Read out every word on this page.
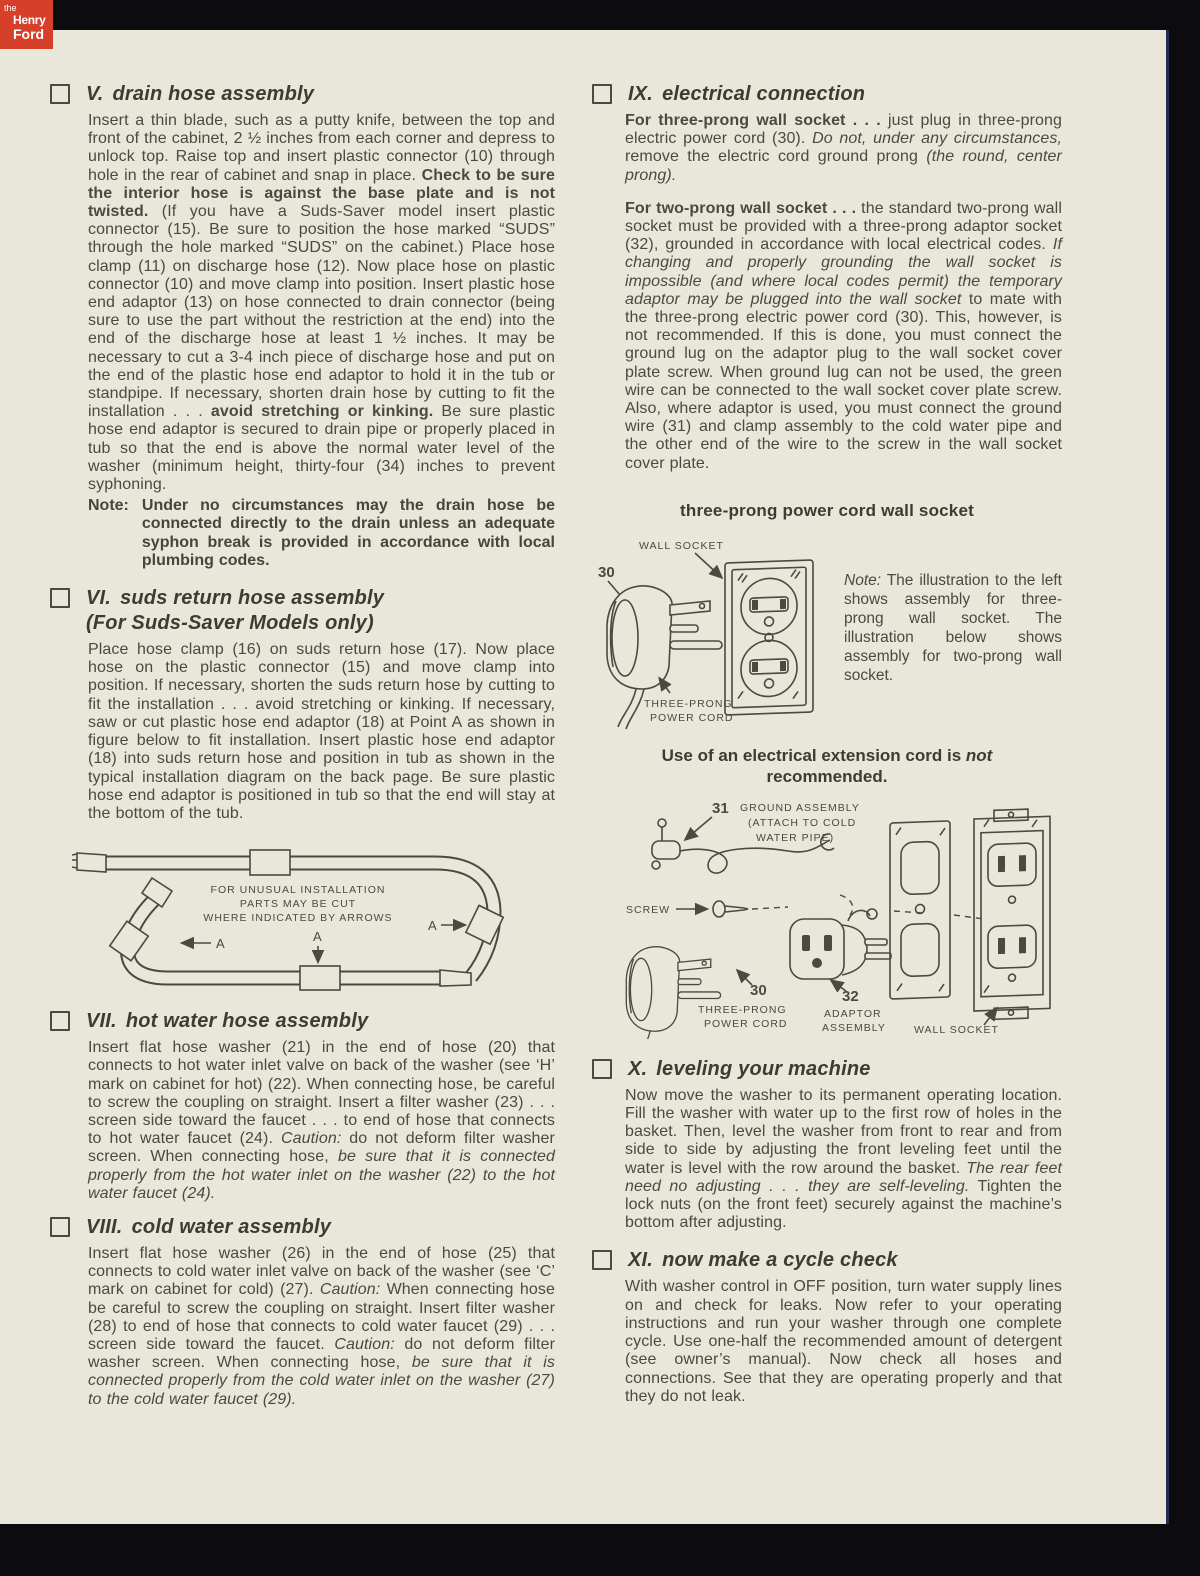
V. drain hose assembly

Insert a thin blade, such as a putty knife, between the top and front of the cabinet, 2 ½ inches from each corner and depress to unlock top. Raise top and insert plastic connector (10) through hole in the rear of cabinet and snap in place. Check to be sure the interior hose is against the base plate and is not twisted. (If you have a Suds-Saver model insert plastic connector (15). Be sure to position the hose marked “SUDS” through the hole marked “SUDS” on the cabinet.) Place hose clamp (11) on discharge hose (12). Now place hose on plastic connector (10) and move clamp into position. Insert plastic hose end adaptor (13) on hose connected to drain connector (being sure to use the part without the restriction at the end) into the end of the discharge hose at least 1 ½ inches. It may be necessary to cut a 3-4 inch piece of discharge hose and put on the end of the plastic hose end adaptor to hold it in the tub or standpipe. If necessary, shorten drain hose by cutting to fit the installation . . . avoid stretching or kinking. Be sure plastic hose end adaptor is secured to drain pipe or properly placed in tub so that the end is above the normal water level of the washer (minimum height, thirty-four (34) inches to prevent syphoning.

Note: Under no circumstances may the drain hose be connected directly to the drain unless an adequate syphon break is provided in accordance with local plumbing codes.
VI. suds return hose assembly
(For Suds-Saver Models only)

Place hose clamp (16) on suds return hose (17). Now place hose on the plastic connector (15) and move clamp into position. If necessary, shorten the suds return hose by cutting to fit the installation . . . avoid stretching or kinking. If necessary, saw or cut plastic hose end adaptor (18) at Point A as shown in figure below to fit installation. Insert plastic hose end adaptor (18) into suds return hose and position in tub as shown in the typical installation diagram on the back page. Be sure plastic hose end adaptor is positioned in tub so that the end will stay at the bottom of the tub.

FOR UNUSUAL INSTALLATION
PARTS MAY BE CUT
WHERE INDICATED BY ARROWS	A
A	A
VII. hot water hose assembly

Insert flat hose washer (21) in the end of hose (20) that connects to hot water inlet valve on back of the washer (see ‘H’ mark on cabinet for hot) (22). When connecting hose, be careful to screw the coupling on straight. Insert a filter washer (23) . . . screen side toward the faucet . . . to end of hose that connects to hot water faucet (24). Caution: do not deform filter washer screen. When connecting hose, be sure that it is connected properly from the hot water inlet on the washer (22) to the hot water faucet (24).

VIII. cold water assembly

Insert flat hose washer (26) in the end of hose (25) that connects to cold water inlet valve on back of the washer (see ‘C’ mark on cabinet for cold) (27). Caution: When connecting hose be careful to screw the coupling on straight. Insert filter washer (28) to end of hose that connects to cold water faucet (29) . . . screen side toward the faucet. Caution: do not deform filter washer screen. When connecting hose, be sure that it is connected properly from the cold water inlet on the washer (27) to the cold water faucet (29).

IX. electrical connection

For three-prong wall socket . . . just plug in three-prong electric power cord (30). Do not, under any circumstances, remove the electric cord ground prong (the round, center prong).

For two-prong wall socket . . . the standard two-prong wall socket must be provided with a three-prong adaptor socket (32), grounded in accordance with local electrical codes. If changing and properly grounding the wall socket is impossible (and where local codes permit) the temporary adaptor may be plugged into the wall socket to mate with the three-prong electric power cord (30). This, however, is not recommended. If this is done, you must connect the ground lug on the adaptor plug to the wall socket cover plate screw. When ground lug can not be used, the green wire can be connected to the wall socket cover plate screw. Also, where adaptor is used, you must connect the ground wire (31) and clamp assembly to the cold water pipe and the other end of the wire to the screw in the wall socket cover plate.

three-prong power cord wall socket
30
WALL SOCKET
THREE-PRONG
POWER CORD
Note: The illustration to the left shows assembly for three-prong wall socket. The illustration below shows assembly for two-prong wall socket.
Use of an electrical extension cord is not recommended.
31 GROUND ASSEMBLY
(ATTACH TO COLD
WATER PIPE)
SCREW
30
THREE-PRONG
POWER CORD
32
ADAPTOR
ASSEMBLY	WALL SOCKET
X. leveling your machine

Now move the washer to its permanent operating location. Fill the washer with water up to the first row of holes in the basket. Then, level the washer from front to rear and from side to side by adjusting the front leveling feet until the water is level with the row around the basket. The rear feet need no adjusting . . . they are self-leveling. Tighten the lock nuts (on the front feet) securely against the machine’s bottom after adjusting.

XI. now make a cycle check

With washer control in OFF position, turn water supply lines on and check for leaks. Now refer to your operating instructions and run your washer through one complete cycle. Use one-half the recommended amount of detergent (see owner’s manual). Now check all hoses and connections. See that they are operating properly and that they do not leak.

the
Henry
Ford
